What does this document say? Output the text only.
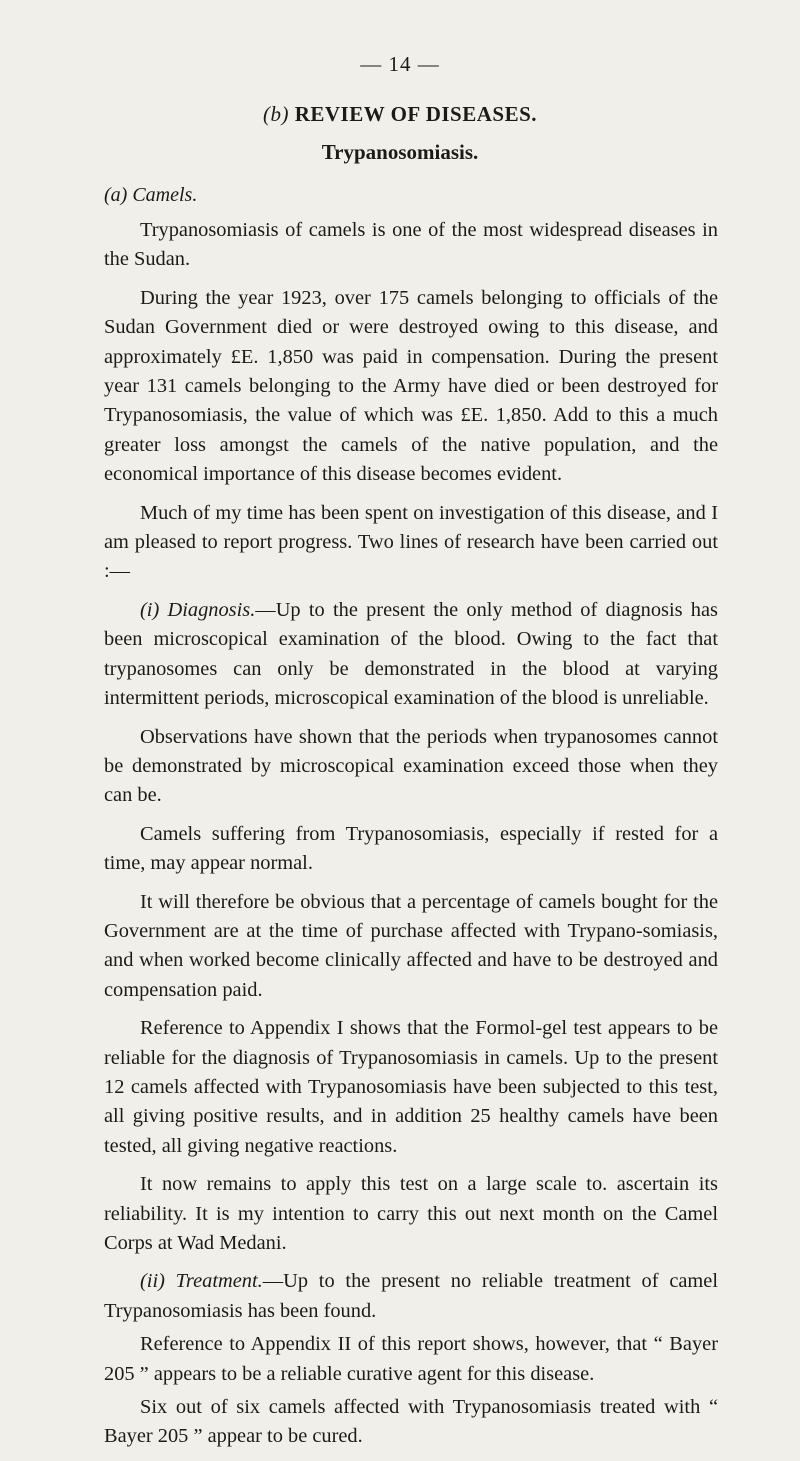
— 14 —
(b) REVIEW OF DISEASES.
Trypanosomiasis.
(a) Camels.

Trypanosomiasis of camels is one of the most widespread diseases in the Sudan.

During the year 1923, over 175 camels belonging to officials of the Sudan Government died or were destroyed owing to this disease, and approximately £E. 1,850 was paid in compensation. During the present year 131 camels belonging to the Army have died or been destroyed for Trypanosomiasis, the value of which was £E. 1,850. Add to this a much greater loss amongst the camels of the native population, and the economical importance of this disease becomes evident.

Much of my time has been spent on investigation of this disease, and I am pleased to report progress. Two lines of research have been carried out :—

(i) Diagnosis.—Up to the present the only method of diagnosis has been microscopical examination of the blood. Owing to the fact that trypanosomes can only be demonstrated in the blood at varying intermittent periods, microscopical examination of the blood is unreliable.

Observations have shown that the periods when trypanosomes cannot be demonstrated by microscopical examination exceed those when they can be.

Camels suffering from Trypanosomiasis, especially if rested for a time, may appear normal.

It will therefore be obvious that a percentage of camels bought for the Government are at the time of purchase affected with Trypano-somiasis, and when worked become clinically affected and have to be destroyed and compensation paid.

Reference to Appendix I shows that the Formol-gel test appears to be reliable for the diagnosis of Trypanosomiasis in camels. Up to the present 12 camels affected with Trypanosomiasis have been subjected to this test, all giving positive results, and in addition 25 healthy camels have been tested, all giving negative reactions.

It now remains to apply this test on a large scale to. ascertain its reliability. It is my intention to carry this out next month on the Camel Corps at Wad Medani.

(ii) Treatment.—Up to the present no reliable treatment of camel Trypanosomiasis has been found.

Reference to Appendix II of this report shows, however, that “ Bayer 205 ” appears to be a reliable curative agent for this disease.

Six out of six camels affected with Trypanosomiasis treated with “ Bayer 205 ” appear to be cured.
